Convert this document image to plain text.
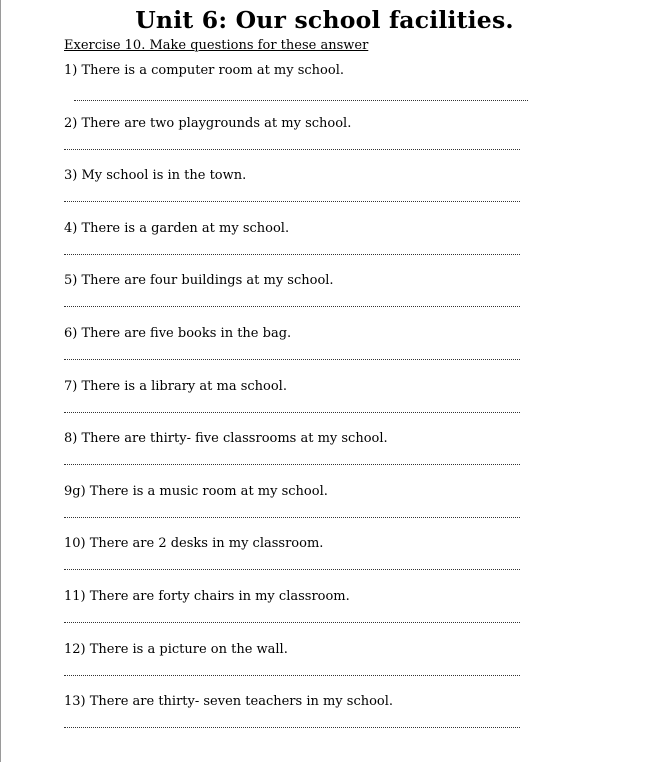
Unit 6: Our school facilities.

Exercise 10. Make questions for these answer

1) There is a computer room at my school.

2) There are two playgrounds at my school.

3) My school is in the town.

4) There is a garden at my school.

5) There are four buildings at my school.

6) There are five books in the bag.

7) There is a library at ma school.

8) There are thirty- five classrooms at my school.

9g) There is a music room at my school.

10) There are 2 desks in my classroom.

11) There are forty chairs in my classroom.

12) There is a picture on the wall.

13) There are thirty- seven teachers in my school.
